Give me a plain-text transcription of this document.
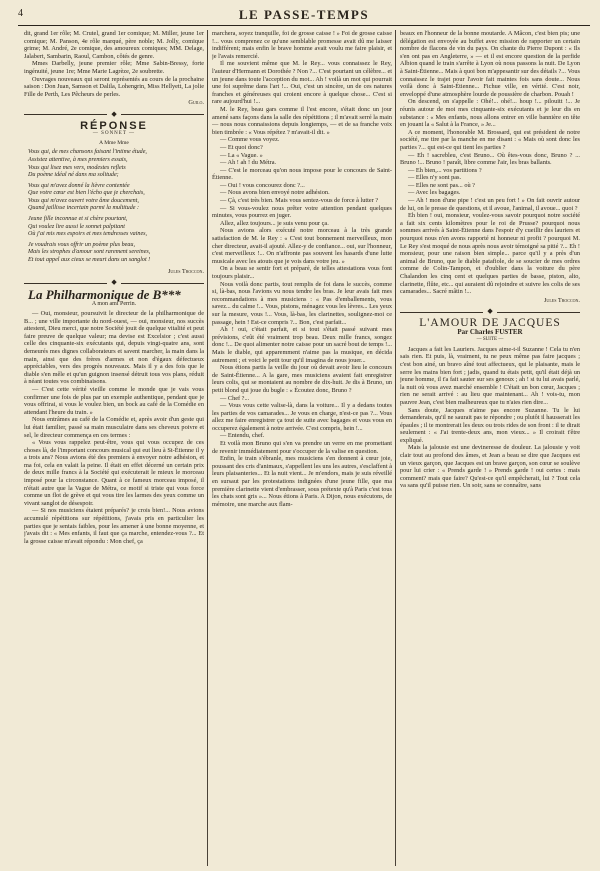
4	LE PASSE-TEMPS

dit, grand 1er rôle; M. Crutel, grand 1er comique; M. Miller, jeune 1er comique; M. Panson, 4e rôle marqué, père noble; M. Jolly, comique grime; M. André, 2e comique, des amoureux comiques; MM. Delage, Jalabert, Sambarin, Raoul, Cambon, côtés de genre.

Mmes Darbelly, jeune premier rôle; Mme Sabin-Bressy, forte ingénuité, jeune 1re; Mme Marie Lagrèze, 2e soubrette.

Ouvrages nouveaux qui seront représentés au cours de la prochaine saison : Don Juan, Samson et Dalila, Lohengrin, Miss Hellyett, La jolie Fille de Perth, Les Pêcheurs de perles.

Guilo.
◆
RÉPONSE
— SONNET —
A Mme Mme

Vous qui, de mes chansons faisant l'intime étude,

Assistez attentive, à mes premiers essais,

Vous qui lisez mes vers, modestes reflets

Du poème idéal né dans ma solitude;

Vous qui m'avez donné la lièvre contentée

Que votre cœur est bien l'écho que je cherchais,

Vous qui m'avez ouvert votre âme doucement,

Quand jaillisse incertain parmi la multitude :

Jeune fille inconnue et si chère pourtant,

Qui voulez lire aussi le sonnet palpitant

Où j'ai mis mes espoirs et mes tendresses vaines,

Je voudrais vous offrir un poème plus beau,

Mais les strophes d'amour sont rarement sereines,

Et tout appel aux cieux se meurt dans un sanglot !

Jules Troccon.
◆
La Philharmonique de B***
A mon ami Perrin.

— Oui, monsieur, poursuivit le directeur de la philharmonique de B... ; une ville importante du nord-ouest, — oui, monsieur, nos succès attestent, Dieu merci, que notre Société jouit de quelque vitalité et peut faire preuve de quelque valeur; ma devise est Excelsior ; c'est aussi celle des cinquante-six exécutants qui, depuis vingt-quatre ans, sont demeurés mes dignes collaborateurs et savent marcher, la main dans la main, ainsi que des frères d'armes et non d'égaux défectueux appréciables, vers des progrès nouveaux. Mais il y a des fois que le diable s'en mêle et qu'un guignon insensé détruit tous vos plans, réduit à néant toutes vos combinaisons.

— C'est cette vérité vieille comme le monde que je vais vous confirmer une fois de plus par un exemple authentique, pendant que je vous offrirai, si vous le voulez bien, un bock au café de la Comédie en attendant l'heure du train. »

Nous entrâmes au café de la Comédie et, après avoir d'un geste qui lui était familier, passé sa main musculaire dans ses cheveux poivre et sel, le directeur commença en ces termes :

« Vous vous rappelez peut-être, vous qui vous occupez de ces choses là, de l'important concours musical qui eut lieu à St-Étienne il y a trois ans? Nous avions été des premiers à envoyer notre adhésion, et ma foi, cela en valait la peine. Il était en effet décerné un certain prix de deux mille francs à la Société qui exécuterait le mieux le morceau imposé pour la circonstance. Quant à ce fameux morceau imposé, il n'était autre que la Vague de Métra, ce motif si triste qui vous force comme un flot de grève et qui vous tire les larmes des yeux comme un vivant sanglot de désespoir.

— Si nos musiciens étaient préparés? je crois bien!... Nous avions accumulé répétitions sur répétitions, j'avais pris en particulier les parties que je sentais faibles, pour les amener à une bonne moyenne, et j'avais dit : « Mes enfants, il faut que ça marche, entendez-vous ?... Et la grosse caisse m'avait répondu : Mon chef, ça

marchera, soyez tranquille, foi de grosse caisse ! » Foi de grosse caisse !... vous comprenez ce qu'une semblable promesse avait dû me laisser indifférent; mais enfin le brave homme avait voulu me faire plaisir, et je l'avais remercié.

Il me souvient même que M. le Rey... vous connaissez le Rey, l'auteur d'Hermann et Dorothée ? Non ?... C'est pourtant un célèbre... et un jeune dans toute l'acception du mot... Ah ! voilà un mot qui pourrait une foi suprême dans l'art !... Oui, c'est un sincère, un de ces natures franches et généreuses qui croient encore à quelque chose... C'est si rare aujourd'hui !...

M. le Rey, beau gars comme il l'est encore, s'était donc un jour amené sans façons dans la salle des répétitions ; il m'avait serré la main — nous nous connaissions depuis longtemps, — et de sa franche voix bien timbrée : « Vous répétez ? m'avait-il dit. »

— Comme vous voyez.

— Et quoi donc?

— La « Vague. »

— Ah ! ah ! du Métra.

— C'est le morceau qu'on nous impose pour le concours de Saint-Étienne.

— Oui ! vous concourez donc ?...

— Nous avons bien envoyé notre adhésion.

— Çà, c'est très bien. Mais vous sentez-vous de force à lutter ?

— Si vous-voulez nous prêter votre attention pendant quelques minutes, vous pourrez en juger.

Allez, allez toujours... je suis venu pour ça.

Nous avions alors exécuté notre morceau à la très grande satisfaction de M. le Rey : « C'est tout bonnement merveilleux, mon cher directeur, avait-il ajouté. Allez-y de confiance... oui, sur l'honneur, c'est merveilleux !... On n'affronte pas souvent les hasards d'une lutte musicale avec les atouts que je vois dans votre jeu. »

On a beau se sentir fort et préparé, de telles attestations vous font toujours plaisir...

Nous voilà donc partis, tout remplis de foi dans le succès, comme si, là-bas, nous l'avions vu nous tendre les bras. Je leur avais fait mes recommandations à mes musiciens : « Pas d'emballements, vous savez... du calme !... Vous, pistons, ménagez vous les lèvres... Les yeux sur la mesure, vous !... Vous, là-bas, les clarinettes, soulignez-moi ce passage, hein ! Est-ce compris ?... Bon, c'est parfait...

Ah ! oui, c'était parfait, et si tout s'était passé suivant mes prévisions, c'eût été vraiment trop beau. Deux mille francs, songez donc !... De quoi alimenter notre caisse pour un sacré bout de temps !... Mais le diable, qui apparemment n'aime pas la musique, en décida autrement ; et voici le petit tour qu'il imagina de nous jouer...

Nous étions partis la veille du jour où devait avoir lieu le concours de Saint-Étienne... A la gare, mes musiciens avaient fait enregistrer leurs colis, qui se montaient au nombre de dix-huit. Je dis à Bruno, un petit blond qui joue du bugle : « Écoutez donc, Bruno ?

— Chef ?...

— Vous vous cette valise-là, dans la voiture... Il y a dedans toutes les parties de vos camarades... Je vous en charge, n'est-ce pas ?... Vous allez me faire enregistrer ça tout de suite avec bagages et vous vous en occuperez également à notre arrivée. C'est compris, hein !...

— Entendu, chef.

Et voilà mon Bruno qui s'en va prendre un verre en me promettant de revenir immédiatement pour s'occuper de la valise en question.

Enfin, le train s'ébranle, mes musiciens s'en donnent à cœur joie, poussant des cris d'animaux, s'appellent les uns les autres, s'esclaffent à leurs plaisanteries... Et la nuit vient... Je m'endors, mais je suis réveillé en sursaut par les protestations indignées d'une jeune fille, que ma première clarinette vient d'embrasser, sous prétexte qu'à Paris c'est tous les chats sont gris »... Nous étions à Paris. A Dijon, nous exécutons, de mémoire, une marche aux flam-

beaux en l'honneur de la bonne moutarde. A Mâcon, c'est bien pis; une délégation est envoyée au buffet avec mission de rapporter un certain nombre de flacons de vin du pays. On chante du Pierre Dupont : « Ils s'en ont pas en Angleterre, » — et il est encore question de la perfide Albion quand le train s'arrête à Lyon où nous passons la nuit. De Lyon à Saint-Étienne... Mais à quoi bon m'appesantir sur des détails ?... Vous connaissez le trajet pour l'avoir fait maintes fois sans doute... Nous voilà donc à Saint-Étienne... Fichue ville, en vérité. C'est noir, enveloppé d'une atmosphère lourde de poussière de charbon. Pouah !

On descend, on s'appelle : Ohé!... ohé!... houp !... pilouitt !... Je réunis autour de moi mes cinquante-six exécutants et je leur dis en substance : « Mes enfants, nous allons entrer en ville bannière en tête en jouant la « Salut à la France, » Je...

A ce moment, l'honorable M. Brossard, qui est président de notre société, me tire par la manche en me disant : « Mais où sont donc les parties ?... qui est-ce qui tient les parties ?

— Eh ! sacrebleu, c'est Bruno... Où êtes-vous donc, Bruno ? ... Bruno !... Bruno ! paraît, libre comme l'air, les bras ballants.

— Eh bien,... vos partitions ?

— Elles n'y sont pas.

— Elles ne sont pas... où ?

— Avec les bagages.

— Ah ! mon d'une pipe ! c'est un peu fort ! » On fait ouvrir autour de lui, on le presse de questions, et il avoue, l'animal, il avoue... quoi ?

Eh bien ! oui, monsieur, voulez-vous savoir pourquoi notre société a fait six cents kilomètres pour le roi de Prusse? pourquoi nous sommes arrivés à Saint-Étienne dans l'espoir d'y cueillir des lauriers et pourquoi nous n'en avons rapporté ni honneur ni profit ? pourquoi M. Le Rey s'est moqué de nous après nous avoir témoigné sa pitié ?... Eh ! monsieur, pour une raison bien simple... parce qu'il y a près d'un animal de Bruno, que le diable patafiole, de se soucier de mes ordres comme de Colin-Tampon, et d'oublier dans la voiture du père Chalandon les cinq cent et quelques parties de basse, piston, alto, clarinette, flûte, etc... qui auraient dû rejoindre et suivre les colis de ses camarades... Sacré mâtin !...

Jules Troccon.
◆
L'AMOUR DE JACQUES
Par Charles FUSTER
— SUITE —

Jacques a fait les Lauriers. Jacques aime-t-il Suzanne ! Cela tu n'en sais rien. Et puis, là, vraiment, tu ne peux même pas faire jacques ; c'est bon ainé, un bravo aîné tout affectueux, qui le plaisante, mais le serre les mains bien fort ; jadis, quand tu étais petit, qu'il était déjà un jeune homme, il t'a fait sauter sur ses genoux ; ah ! si tu lui avais parlé, la nuit où vous avez marché ensemble ! C'était un bon cœur, Jacques ; rien ne serait arrivé : au lieu que maintenant... Ah ! vois-tu, mon pauvre Jean, c'est bien malheureux que tu n'aies rien dire...

Sans doute, Jacques n'aime pas encore Suzanne. Tu le lui demanderais, qu'il ne saurait pas te répondre ; ou plutôt il hausserait les épaules ; il te montrerait les deux ou trois rides de son front : il te dirait seulement : « J'ai trente-deux ans, mon vieux... » Il croirait t'être expliqué.

Mais la jalousie est une devineresse de douleur. La jalousie y voit clair tout au profond des âmes, et Jean a beau se dire que Jacques est un vieux garçon, que Jacques est un brave garçon, son cœur se soulève pour lui crier : « Prends garde ! » Prends garde ! oui certes : mais comment? mais que faire? Qu'est-ce qu'il empêcherait, lui ? Tout cela va sans qu'il puisse rien. Un soir, sans se connaître, sans
